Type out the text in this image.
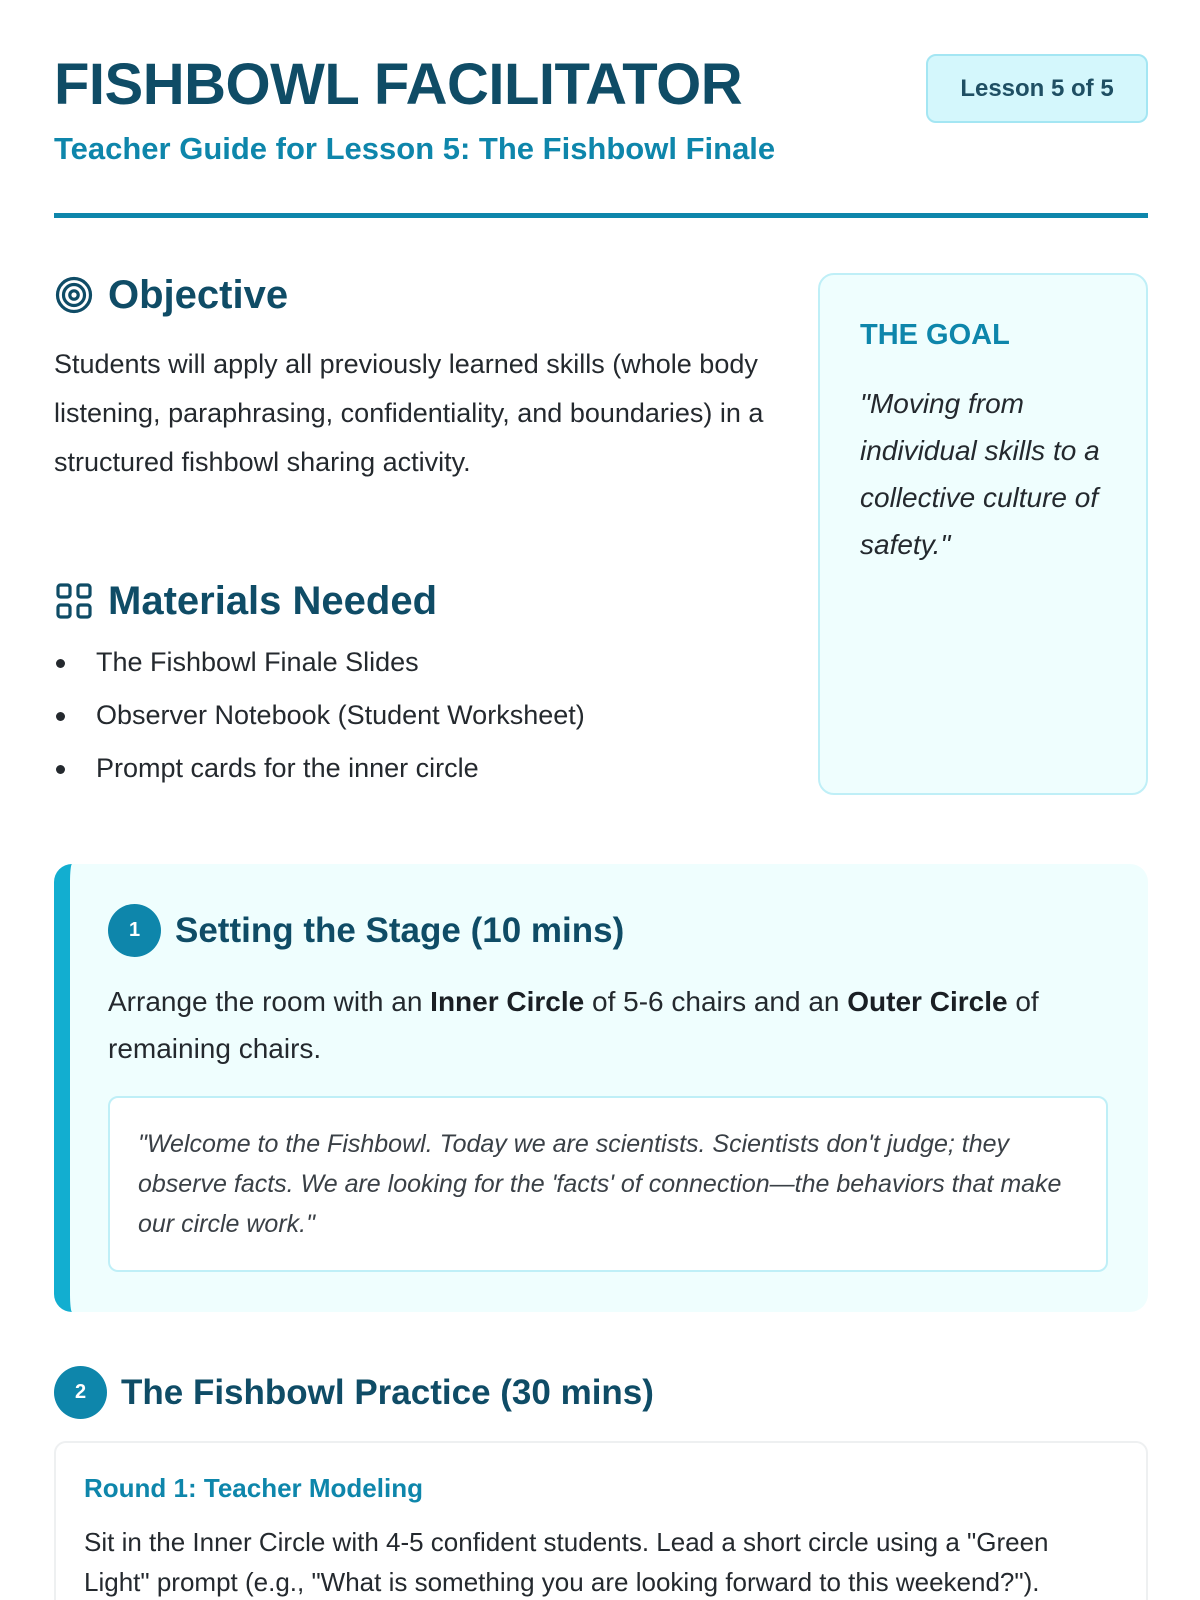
FISHBOWL FACILITATOR
Teacher Guide for Lesson 5: The Fishbowl Finale
Lesson 5 of 5
Objective

Students will apply all previously learned skills (whole body listening, paraphrasing, confidentiality, and boundaries) in a structured fishbowl sharing activity.

Materials Needed
The Fishbowl Finale Slides
Observer Notebook (Student Worksheet)
Prompt cards for the inner circle
THE GOAL
"Moving from individual skills to a collective culture of safety."
1 Setting the Stage (10 mins)

Arrange the room with an Inner Circle of 5-6 chairs and an Outer Circle of remaining chairs.

"Welcome to the Fishbowl. Today we are scientists. Scientists don't judge; they observe facts. We are looking for the 'facts' of connection—the behaviors that make our circle work."
2 The Fishbowl Practice (30 mins)
Round 1: Teacher Modeling

Sit in the Inner Circle with 4-5 confident students. Lead a short circle using a "Green Light" prompt (e.g., "What is something you are looking forward to this weekend?").
